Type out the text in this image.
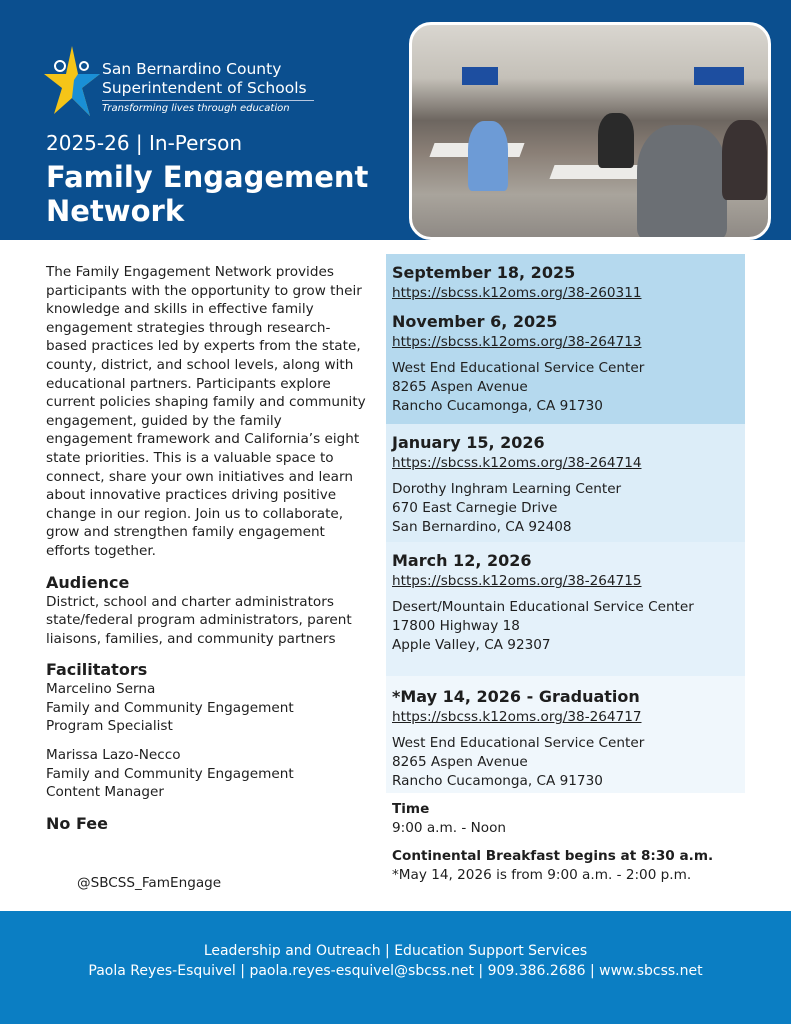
San Bernardino County
Superintendent of Schools
Transforming lives through education
2025-26 | In-Person
Family Engagement Network

The Family Engagement Network provides participants with the opportunity to grow their knowledge and skills in effective family engagement strategies through research-based practices led by experts from the state, county, district, and school levels, along with educational partners. Participants explore current policies shaping family and community engagement, guided by the family engagement framework and California’s eight state priorities. This is a valuable space to connect, share your own initiatives and learn about innovative practices driving positive change in our region. Join us to collaborate, grow and strengthen family engagement efforts together.

Audience

District, school and charter administrators state/federal program administrators, parent liaisons, families, and community partners

Facilitators

Marcelino Serna

Family and Community Engagement Program Specialist

Marissa Lazo-Necco

Family and Community Engagement Content Manager

No Fee
@SBCSS_FamEngage
September 18, 2025
https://sbcss.k12oms.org/38-260311
November 6, 2025
https://sbcss.k12oms.org/38-264713
West End Educational Service Center
8265 Aspen Avenue
Rancho Cucamonga, CA 91730
January 15, 2026
https://sbcss.k12oms.org/38-264714
Dorothy Inghram Learning Center
670 East Carnegie Drive
San Bernardino, CA 92408
March 12, 2026
https://sbcss.k12oms.org/38-264715
Desert/Mountain Educational Service Center
17800 Highway 18
Apple Valley, CA 92307
*May 14, 2026 - Graduation
https://sbcss.k12oms.org/38-264717
West End Educational Service Center
8265 Aspen Avenue
Rancho Cucamonga, CA 91730
Time
9:00 a.m. - Noon
Continental Breakfast begins at 8:30 a.m.
*May 14, 2026 is from 9:00 a.m. - 2:00 p.m.
Leadership and Outreach | Education Support Services
Paola Reyes-Esquivel | paola.reyes-esquivel@sbcss.net | 909.386.2686 | www.sbcss.net
